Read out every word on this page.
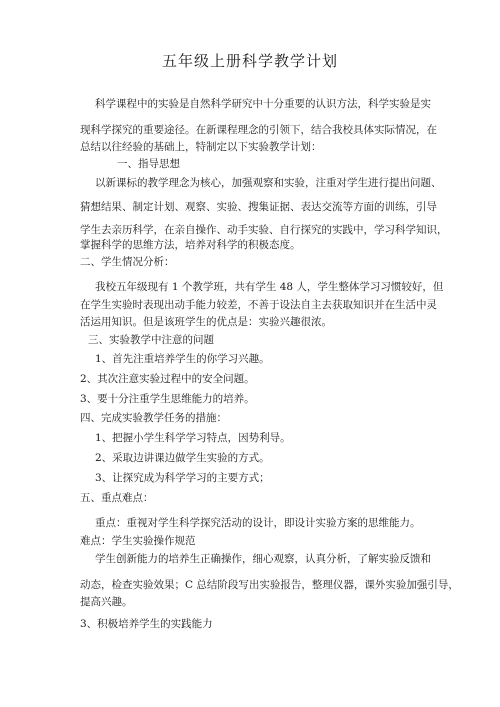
五年级上册科学教学计划
科学课程中的实验是自然科学研究中十分重要的认识方法，科学实验是实
现科学探究的重要途径。在新课程理念的引领下，结合我校具体实际情况，在
总结以往经验的基础上，特制定以下实验教学计划：
一、指导思想
以新课标的教学理念为核心，加强观察和实验，注重对学生进行提出问题、
猜想结果、制定计划、观察、实验、搜集证据、表达交流等方面的训练，引导
学生去亲历科学，在亲自操作、动手实验、自行探究的实践中，学习科学知识，
掌握科学的思维方法，培养对科学的积极态度。
二、学生情况分析：
我校五年级现有 1 个教学班，共有学生 48 人，学生整体学习习惯较好，但
在学生实验时表现出动手能力较差，不善于设法自主去获取知识并在生活中灵
活运用知识。但是该班学生的优点是：实验兴趣很浓。
三、实验教学中注意的问题
1、首先注重培养学生的你学习兴趣。
2、其次注意实验过程中的安全问题。
3、要十分注重学生思维能力的培养。
四、完成实验教学任务的措施：
1、把握小学生科学学习特点，因势利导。
2、采取边讲课边做学生实验的方式。
3、让探究成为科学学习的主要方式；
五、重点难点：
重点：重视对学生科学探究活动的设计，即设计实验方案的思维能力。
难点：学生实验操作规范
学生创新能力的培养生正确操作，细心观察，认真分析，了解实验反馈和
动态，检查实验效果；C 总结阶段写出实验报告，整理仪器，课外实验加强引导，
提高兴趣。
3、积极培养学生的实践能力
